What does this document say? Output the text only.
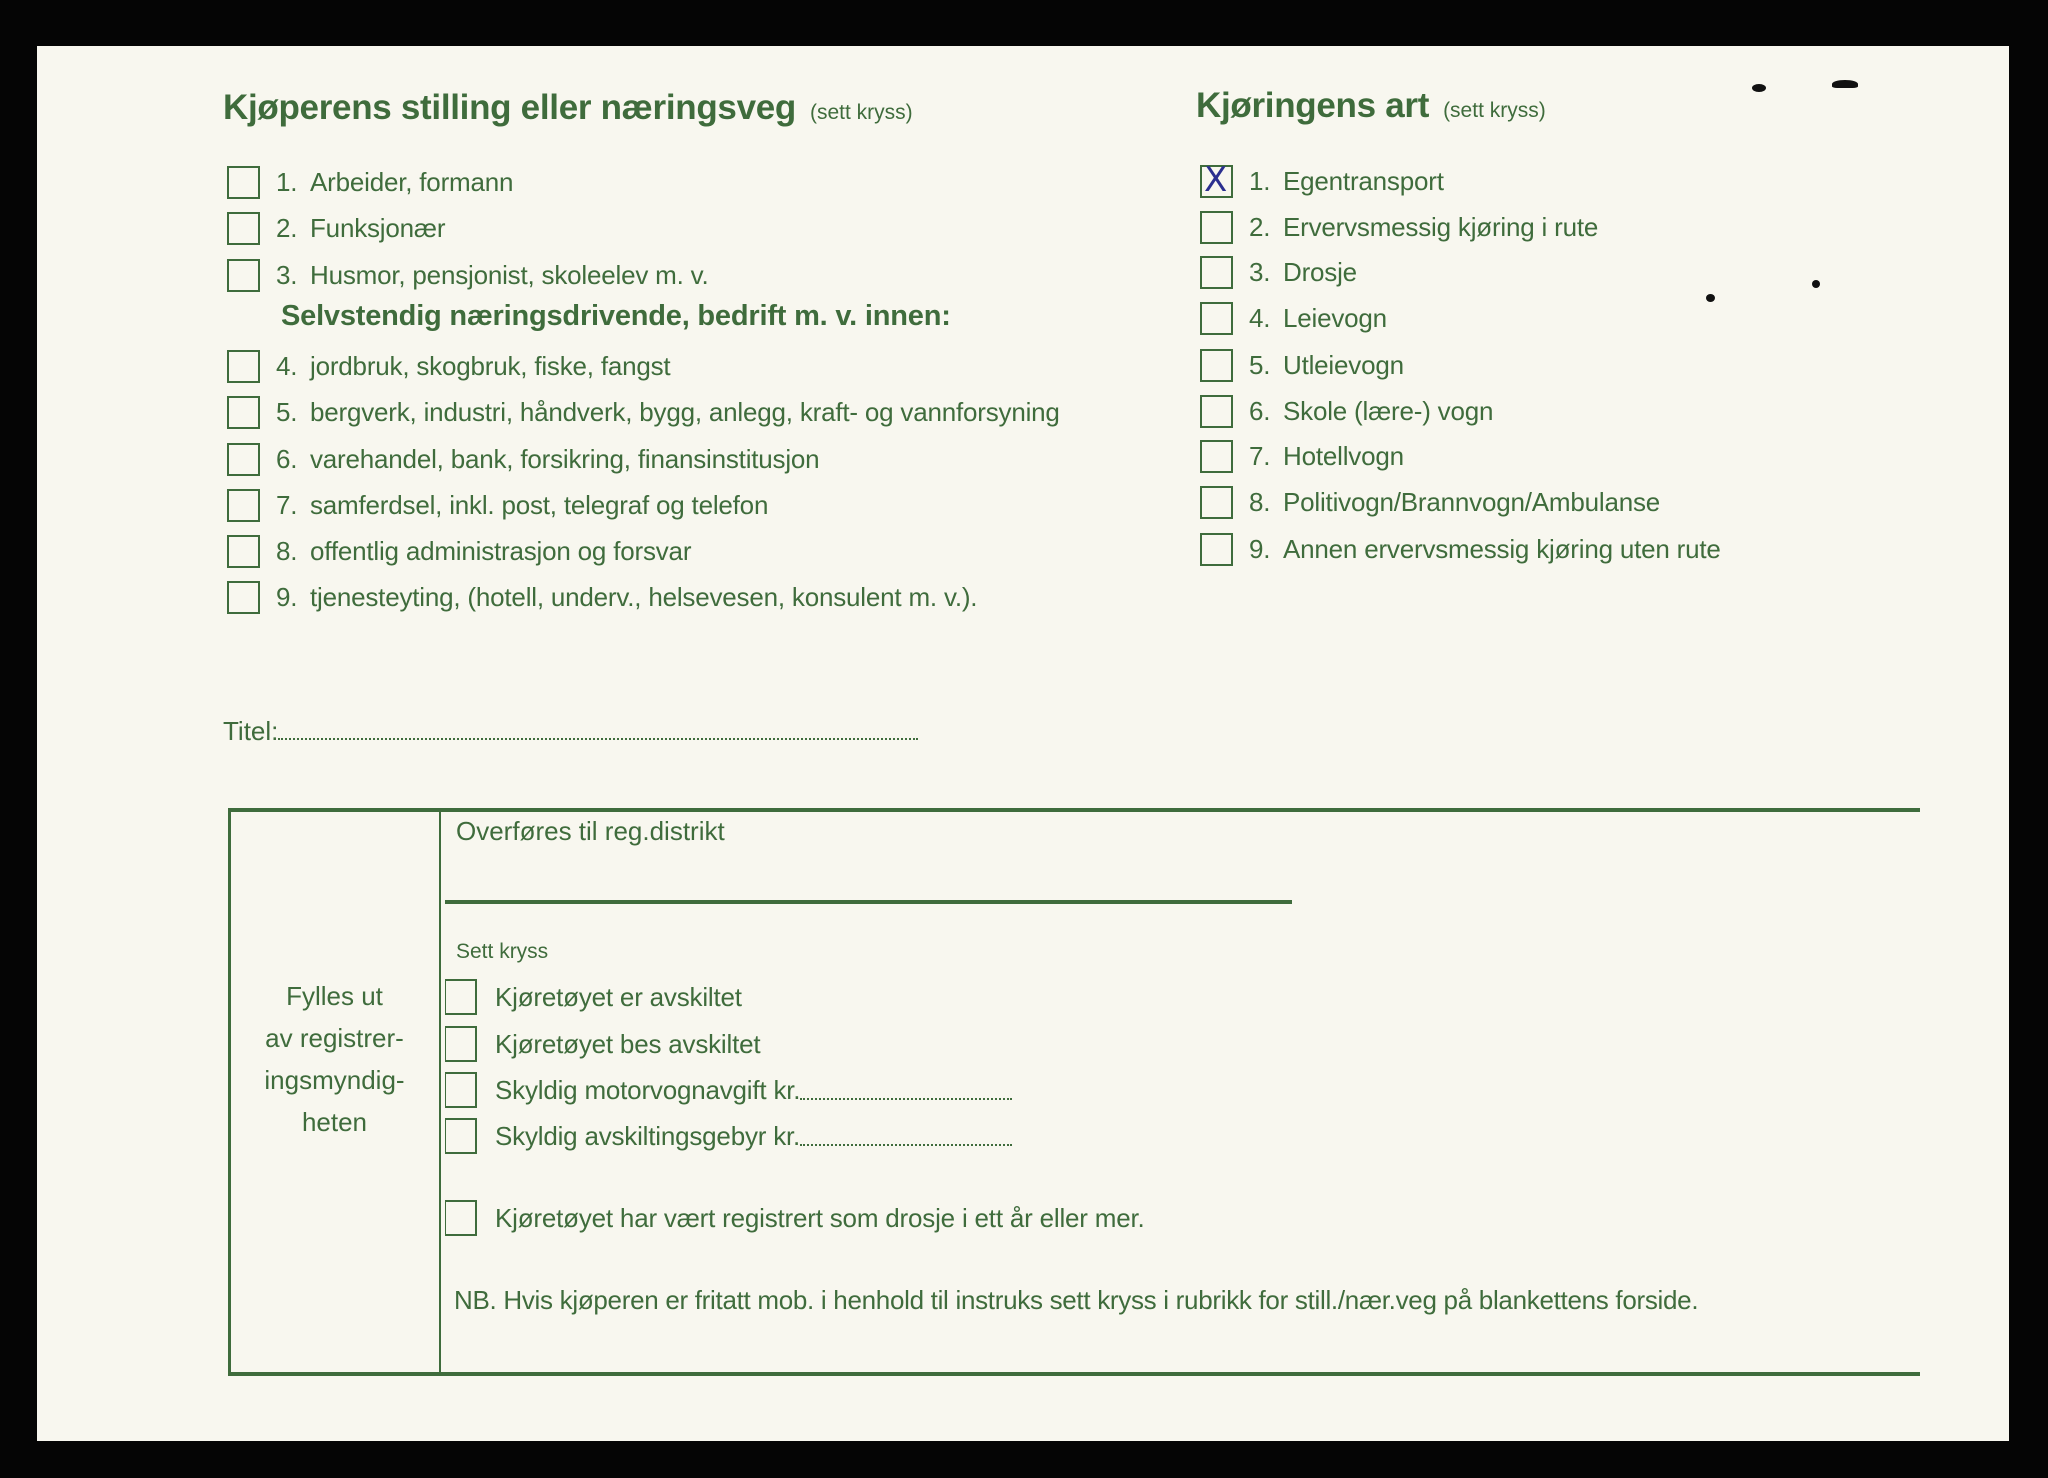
Kjøperens stilling eller næringsveg (sett kryss)
1. Arbeider, formann
2. Funksjonær
3. Husmor, pensjonist, skoleelev m. v.
Selvstendig næringsdrivende, bedrift m. v. innen:
4. jordbruk, skogbruk, fiske, fangst
5. bergverk, industri, håndverk, bygg, anlegg, kraft- og vannforsyning
6. varehandel, bank, forsikring, finansinstitusjon
7. samferdsel, inkl. post, telegraf og telefon
8. offentlig administrasjon og forsvar
9. tjenesteyting, (hotell, underv., helsevesen, konsulent m. v.).
Kjøringens art (sett kryss)
X 1. Egentransport
2. Ervervsmessig kjøring i rute
3. Drosje
4. Leievogn
5. Utleievogn
6. Skole (lære-) vogn
7. Hotellvogn
8. Politivogn/Brannvogn/Ambulanse
9. Annen ervervsmessig kjøring uten rute
Titel:
Fylles ut
av registrer-
ingsmyndig-
heten
Overføres til reg.distrikt
Sett kryss
Kjøretøyet er avskiltet
Kjøretøyet bes avskiltet
Skyldig motorvognavgift kr.
Skyldig avskiltingsgebyr kr.
Kjøretøyet har vært registrert som drosje i ett år eller mer.
NB. Hvis kjøperen er fritatt mob. i henhold til instruks sett kryss i rubrikk for still./nær.veg på blankettens forside.
